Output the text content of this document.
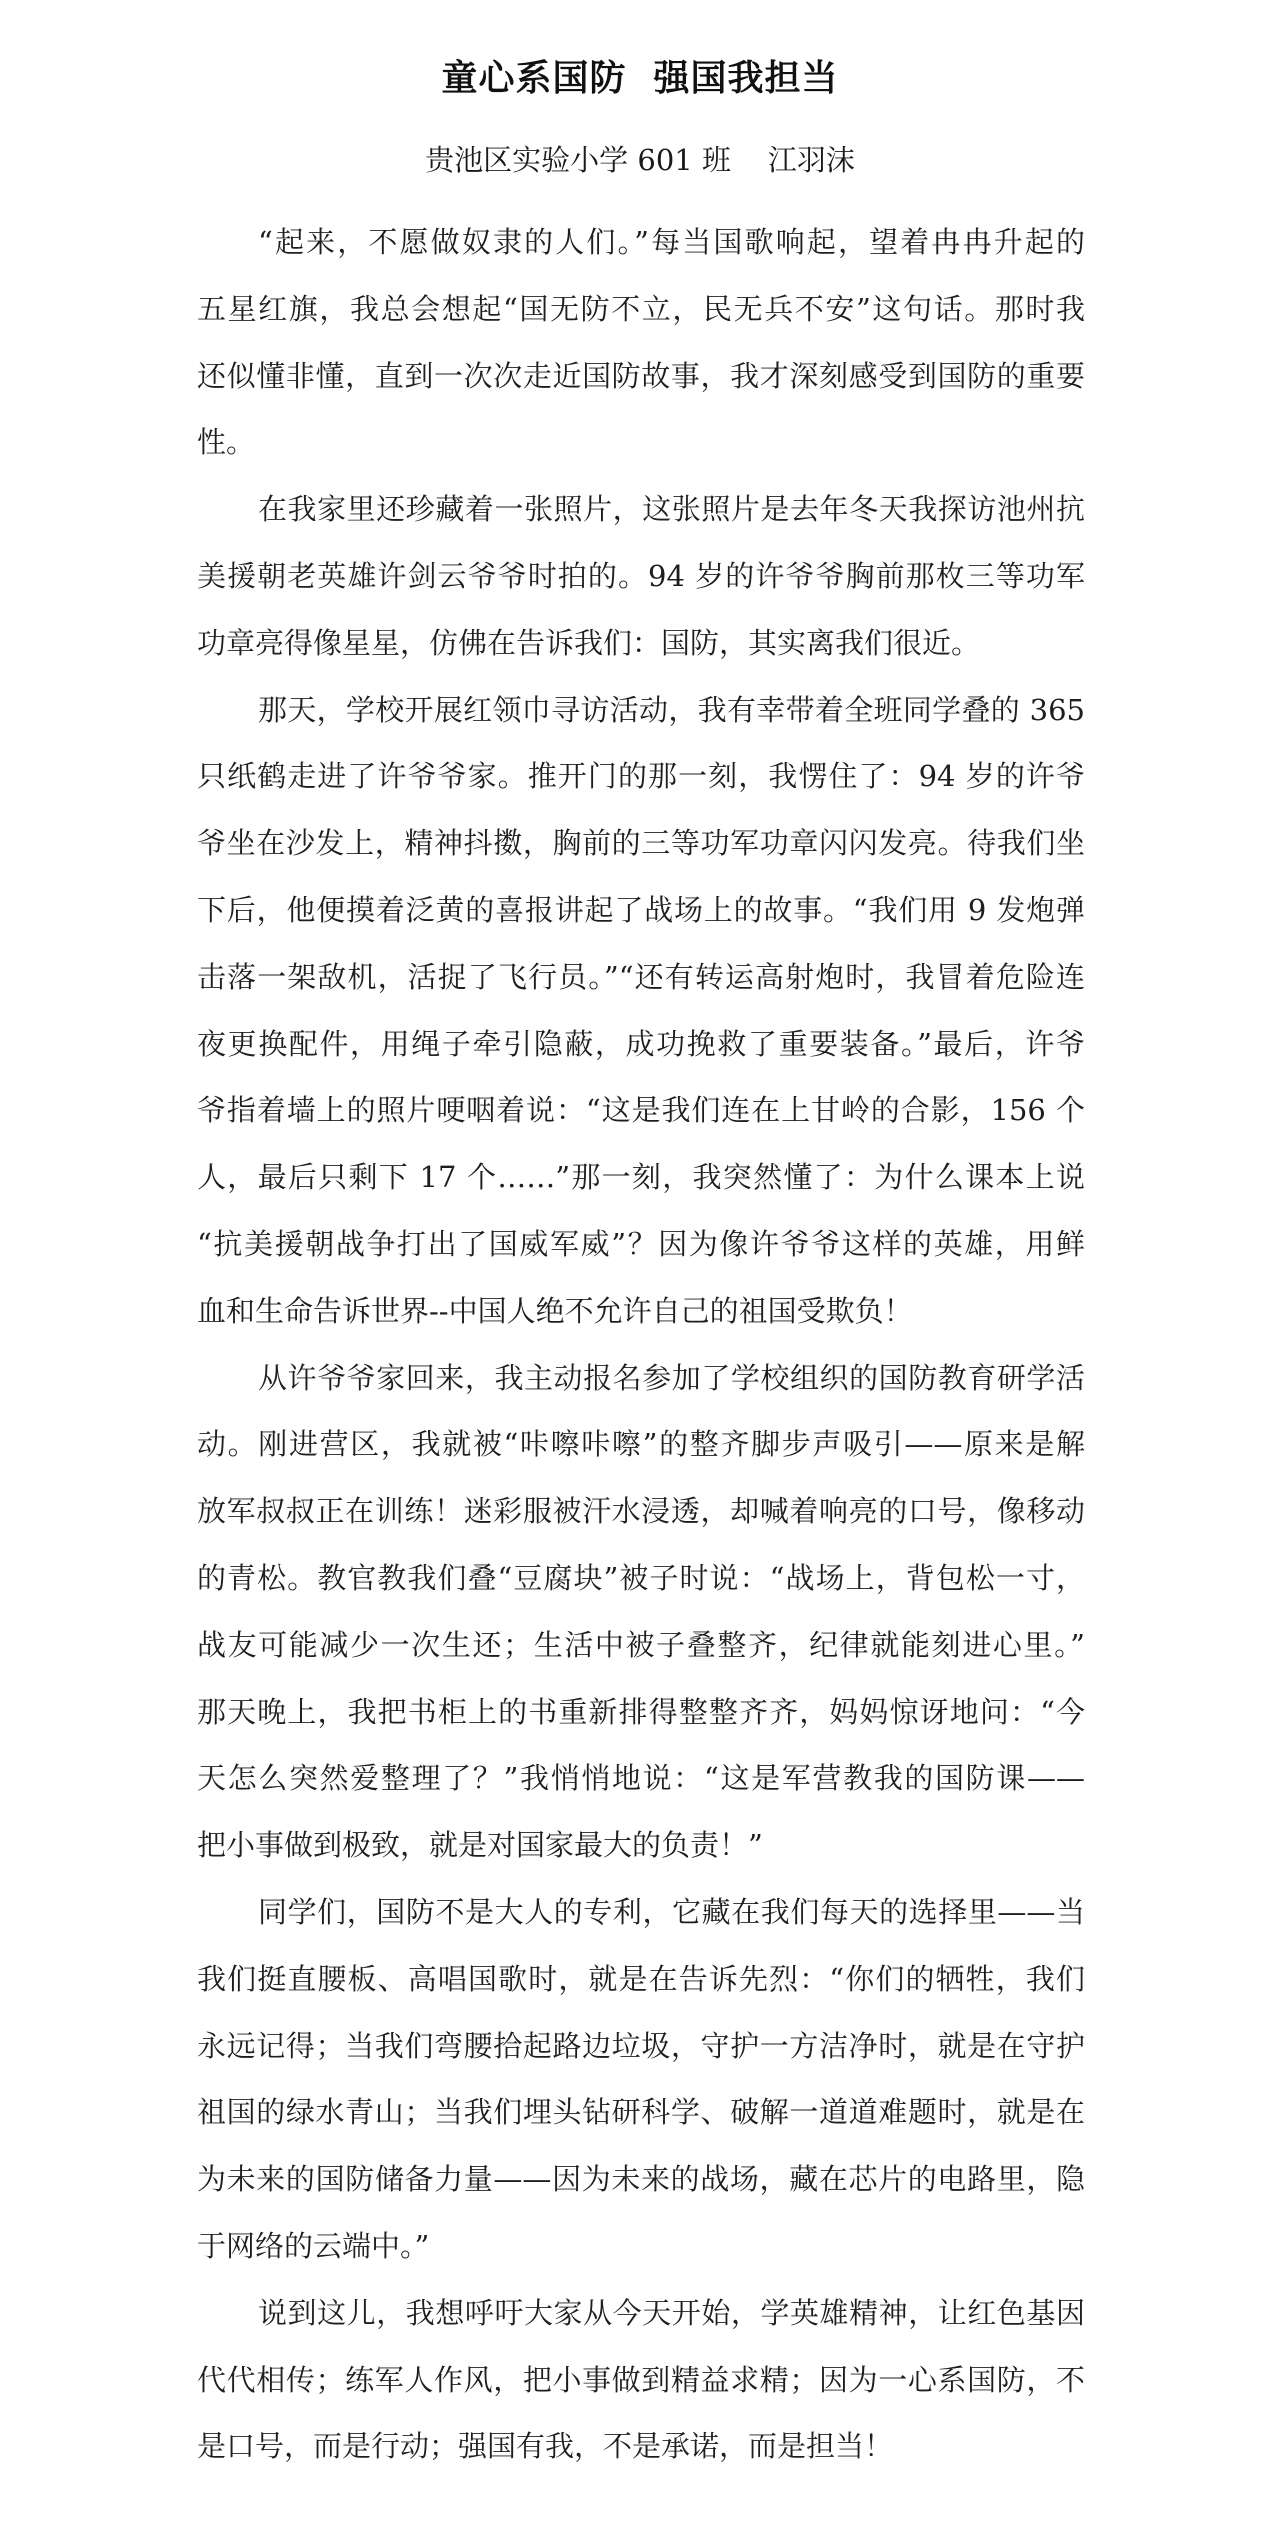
童心系国防  强国我担当
贵池区实验小学 601 班    江羽沫
“起来，不愿做奴隶的人们。”每当国歌响起，望着冉冉升起的
五星红旗，我总会想起“国无防不立，民无兵不安”这句话。那时我
还似懂非懂，直到一次次走近国防故事，我才深刻感受到国防的重要
性。
在我家里还珍藏着一张照片，这张照片是去年冬天我探访池州抗
美援朝老英雄许剑云爷爷时拍的。94 岁的许爷爷胸前那枚三等功军
功章亮得像星星，仿佛在告诉我们：国防，其实离我们很近。
那天，学校开展红领巾寻访活动，我有幸带着全班同学叠的 365
只纸鹤走进了许爷爷家。推开门的那一刻，我愣住了：94 岁的许爷
爷坐在沙发上，精神抖擞，胸前的三等功军功章闪闪发亮。待我们坐
下后，他便摸着泛黄的喜报讲起了战场上的故事。“我们用 9 发炮弹
击落一架敌机，活捉了飞行员。”“还有转运高射炮时，我冒着危险连
夜更换配件，用绳子牵引隐蔽，成功挽救了重要装备。”最后，许爷
爷指着墙上的照片哽咽着说：“这是我们连在上甘岭的合影，156 个
人，最后只剩下 17 个……”那一刻，我突然懂了：为什么课本上说
“抗美援朝战争打出了国威军威”？因为像许爷爷这样的英雄，用鲜
血和生命告诉世界--中国人绝不允许自己的祖国受欺负！
从许爷爷家回来，我主动报名参加了学校组织的国防教育研学活
动。刚进营区，我就被“咔嚓咔嚓”的整齐脚步声吸引——原来是解
放军叔叔正在训练！迷彩服被汗水浸透，却喊着响亮的口号，像移动
的青松。教官教我们叠“豆腐块”被子时说：“战场上，背包松一寸，
战友可能减少一次生还；生活中被子叠整齐，纪律就能刻进心里。”
那天晚上，我把书柜上的书重新排得整整齐齐，妈妈惊讶地问：“今
天怎么突然爱整理了？”我悄悄地说：“这是军营教我的国防课——
把小事做到极致，就是对国家最大的负责！”
同学们，国防不是大人的专利，它藏在我们每天的选择里——当
我们挺直腰板、高唱国歌时，就是在告诉先烈：“你们的牺牲，我们
永远记得；当我们弯腰拾起路边垃圾，守护一方洁净时，就是在守护
祖国的绿水青山；当我们埋头钻研科学、破解一道道难题时，就是在
为未来的国防储备力量——因为未来的战场，藏在芯片的电路里，隐
于网络的云端中。”
说到这儿，我想呼吁大家从今天开始，学英雄精神，让红色基因
代代相传；练军人作风，把小事做到精益求精；因为一心系国防，不
是口号，而是行动；强国有我，不是承诺，而是担当！
